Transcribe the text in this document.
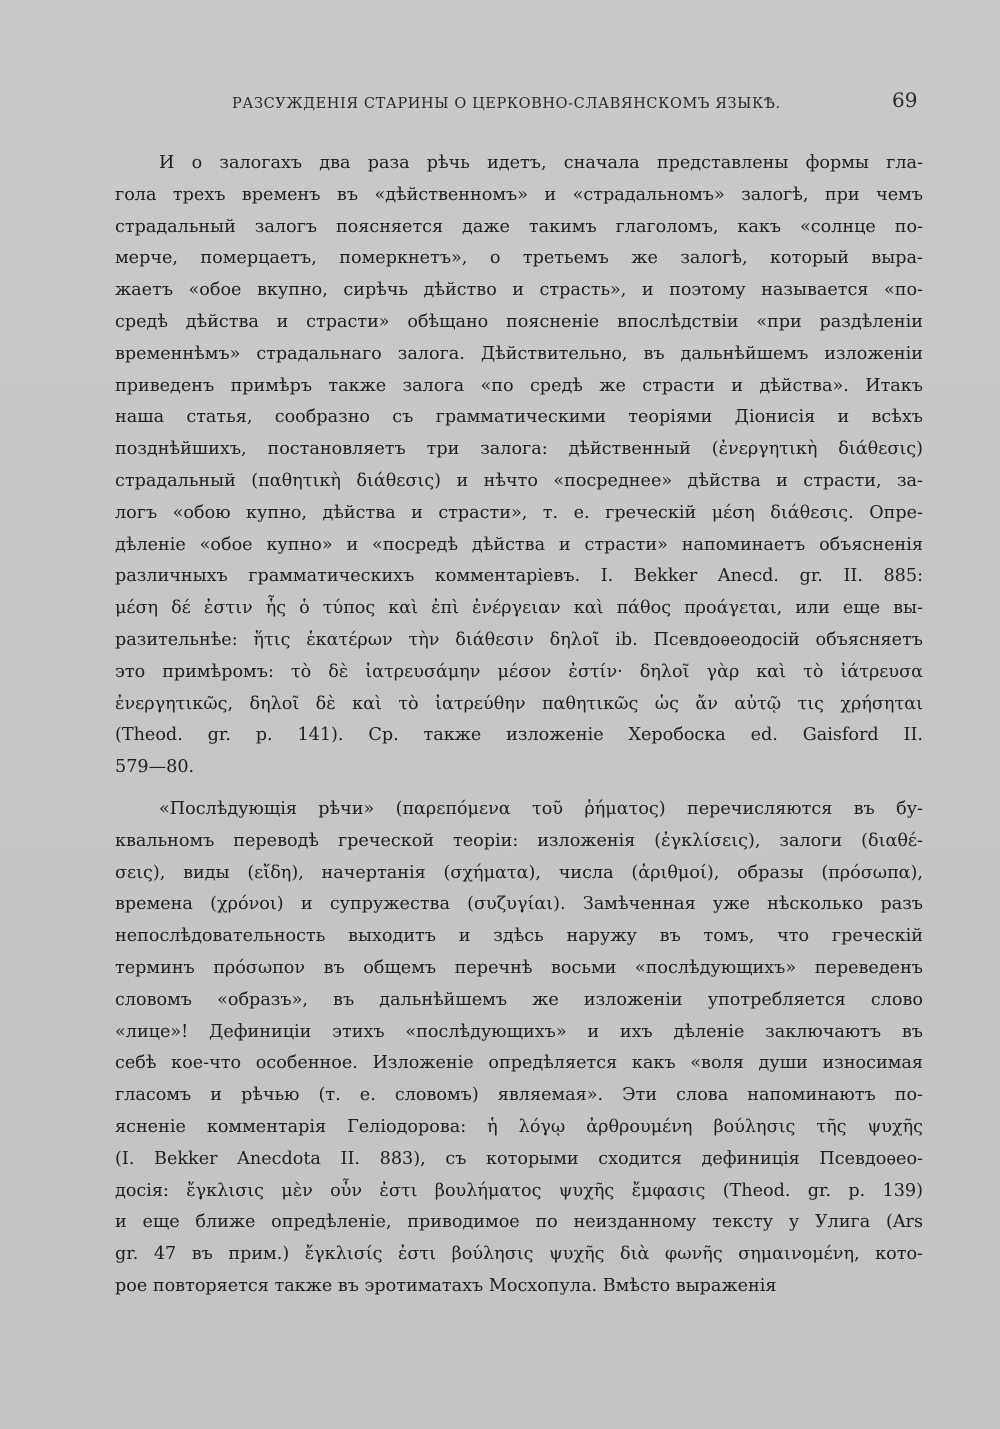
РАЗСУЖДЕНІЯ СТАРИНЫ О ЦЕРКОВНО-СЛАВЯНСКОМЪ ЯЗЫКѢ.	69
И о залогахъ два раза рѣчь идетъ, сначала представлены формы гла-
гола трехъ временъ въ «дѣйственномъ» и «страдальномъ» залогѣ, при чемъ
страдальный залогъ поясняется даже такимъ глаголомъ, какъ «солнце по-
мерче, померцаетъ, померкнетъ», о третьемъ же залогѣ, который выра-
жаетъ «обое вкупно, сирѣчь дѣйство и страсть», и поэтому называется «по-
средѣ дѣйства и страсти» обѣщано поясненіе впослѣдствіи «при раздѣленіи
временнѣмъ» страдальнаго залога. Дѣйствительно, въ дальнѣйшемъ изложеніи
приведенъ примѣръ также залога «по средѣ же страсти и дѣйства». Итакъ
наша статья, сообразно съ грамматическими теоріями Діонисія и всѣхъ
позднѣйшихъ, постановляетъ три залога: дѣйственный (ἐνεργητικὴ διάθεσις)
страдальный (παθητικὴ διάθεσις) и нѣчто «посреднее» дѣйства и страсти, за-
логъ «обою купно, дѣйства и страсти», т. е. греческій μέση διάθεσις. Опре-
дѣленіе «обое купно» и «посредѣ дѣйства и страсти» напоминаетъ объясненія
различныхъ грамматическихъ комментаріевъ. I. Bekker Anecd. gr. II. 885:
μέση δέ ἐστιν ἧς ὁ τύπος καὶ ἐπὶ ἐνέργειαν καὶ πάθος προάγεται, или еще вы-
разительнѣе: ἥτις ἑκατέρων τὴν διάθεσιν δηλοῖ ib. Псевдоѳеодосій объясняетъ
это примѣромъ: τὸ δὲ ἰατρευσάμην μέσον ἐστίν· δηλοῖ γὰρ καὶ τὸ ἰάτρευσα
ἐνεργητικῶς, δηλοῖ δὲ καὶ τὸ ἰατρεύθην παθητικῶς ὡς ἄν αὐτῷ τις χρήσηται
(Theod. gr. p. 141). Ср. также изложеніе Херобоска ed. Gaisford II.
579—80.
«Послѣдующія рѣчи» (παρεπόμενα τοῦ ῥήματος) перечисляются въ бу-
квальномъ переводѣ греческой теоріи: изложенія (ἐγκλίσεις), залоги (διαθέ-
σεις), виды (εἴδη), начертанія (σχήματα), числа (ἀριθμοί), образы (πρόσωπα),
времена (χρόνοι) и супружества (συζυγίαι). Замѣченная уже нѣсколько разъ
непослѣдовательность выходитъ и здѣсь наружу въ томъ, что греческій
терминъ πρόσωπον въ общемъ перечнѣ восьми «послѣдующихъ» переведенъ
словомъ «образъ», въ дальнѣйшемъ же изложеніи употребляется слово
«лице»! Дефиниціи этихъ «послѣдующихъ» и ихъ дѣленіе заключаютъ въ
себѣ кое-что особенное. Изложеніе опредѣляется какъ «воля души износимая
гласомъ и рѣчью (т. е. словомъ) являемая». Эти слова напоминаютъ по-
ясненіе комментарія Геліодорова: ἡ λόγῳ ἀρθρουμένη βούλησις τῆς ψυχῆς
(I. Bekker Anecdota II. 883), съ которыми сходится дефиниція Псевдоѳео-
досія: ἔγκλισις μὲν οὖν ἐστι βουλήματος ψυχῆς ἔμφασις (Theod. gr. p. 139)
и еще ближе опредѣленіе, приводимое по неизданному тексту у Улига (Ars
gr. 47 въ прим.) ἔγκλισίς ἐστι βούλησις ψυχῆς διὰ φωνῆς σημαινομένη, кото-
рое повторяется также въ эротиматахъ Мосхопула. Вмѣсто выраженія
